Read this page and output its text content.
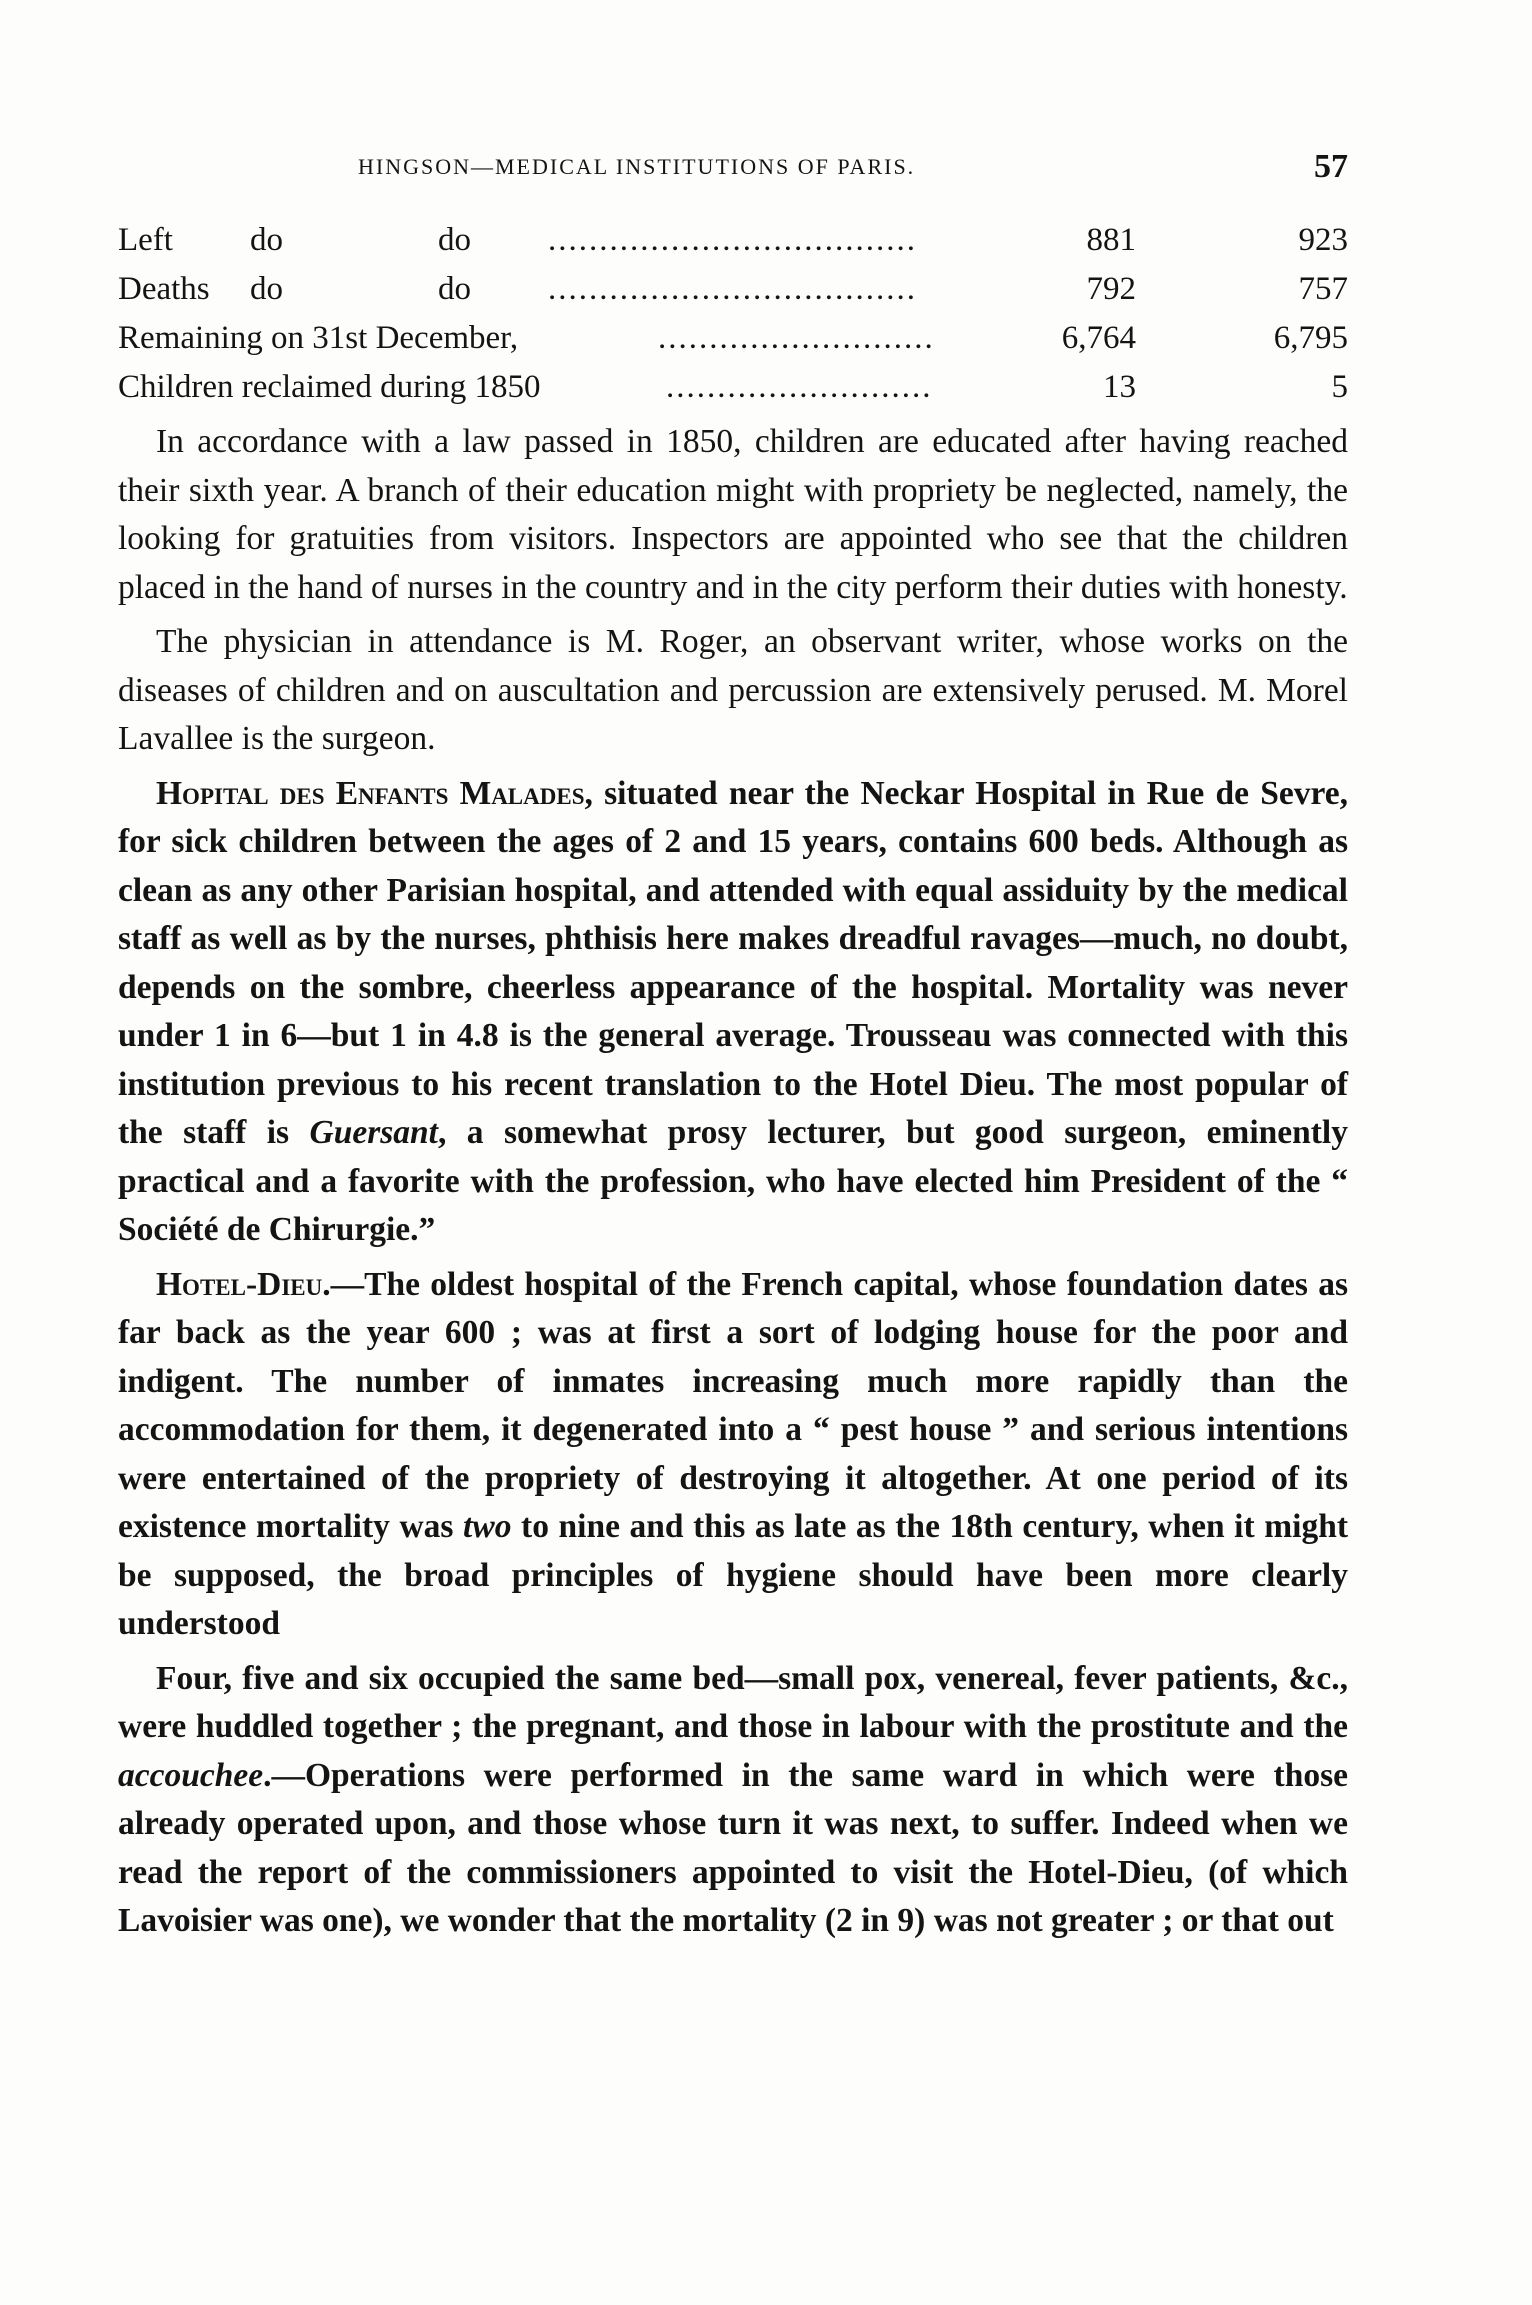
HINGSON—MEDICAL INSTITUTIONS OF PARIS.	57
Left do	do ....................................	881	923
Deaths do	do ....................................	792	757
Remaining on 31st December,	...........................	6,764	6,795
Children reclaimed during 1850	..........................	13	5

In accordance with a law passed in 1850, children are educated after having reached their sixth year. A branch of their education might with propriety be neglected, namely, the looking for gratuities from visitors. Inspectors are appointed who see that the children placed in the hand of nurses in the country and in the city perform their duties with honesty.

The physician in attendance is M. Roger, an observant writer, whose works on the diseases of children and on auscultation and percussion are extensively perused. M. Morel Lavallee is the surgeon.

Hopital des Enfants Malades, situated near the Neckar Hospital in Rue de Sevre, for sick children between the ages of 2 and 15 years, contains 600 beds. Although as clean as any other Parisian hospital, and attended with equal assiduity by the medical staff as well as by the nurses, phthisis here makes dreadful ravages—much, no doubt, depends on the sombre, cheerless appearance of the hospital. Mortality was never under 1 in 6—but 1 in 4.8 is the general average. Trousseau was connected with this institution previous to his recent translation to the Hotel Dieu. The most popular of the staff is Guersant, a somewhat prosy lecturer, but good surgeon, eminently practical and a favorite with the profession, who have elected him President of the “ Société de Chirurgie.”

Hotel-Dieu.—The oldest hospital of the French capital, whose foundation dates as far back as the year 600 ; was at first a sort of lodging house for the poor and indigent. The number of inmates increasing much more rapidly than the accommodation for them, it degenerated into a “ pest house ” and serious intentions were entertained of the propriety of destroying it altogether. At one period of its existence mortality was two to nine and this as late as the 18th century, when it might be supposed, the broad principles of hygiene should have been more clearly understood

Four, five and six occupied the same bed—small pox, venereal, fever patients, &c., were huddled together ; the pregnant, and those in labour with the prostitute and the accouchee.—Operations were performed in the same ward in which were those already operated upon, and those whose turn it was next, to suffer. Indeed when we read the report of the commissioners appointed to visit the Hotel-Dieu, (of which Lavoisier was one), we wonder that the mortality (2 in 9) was not greater ; or that out
